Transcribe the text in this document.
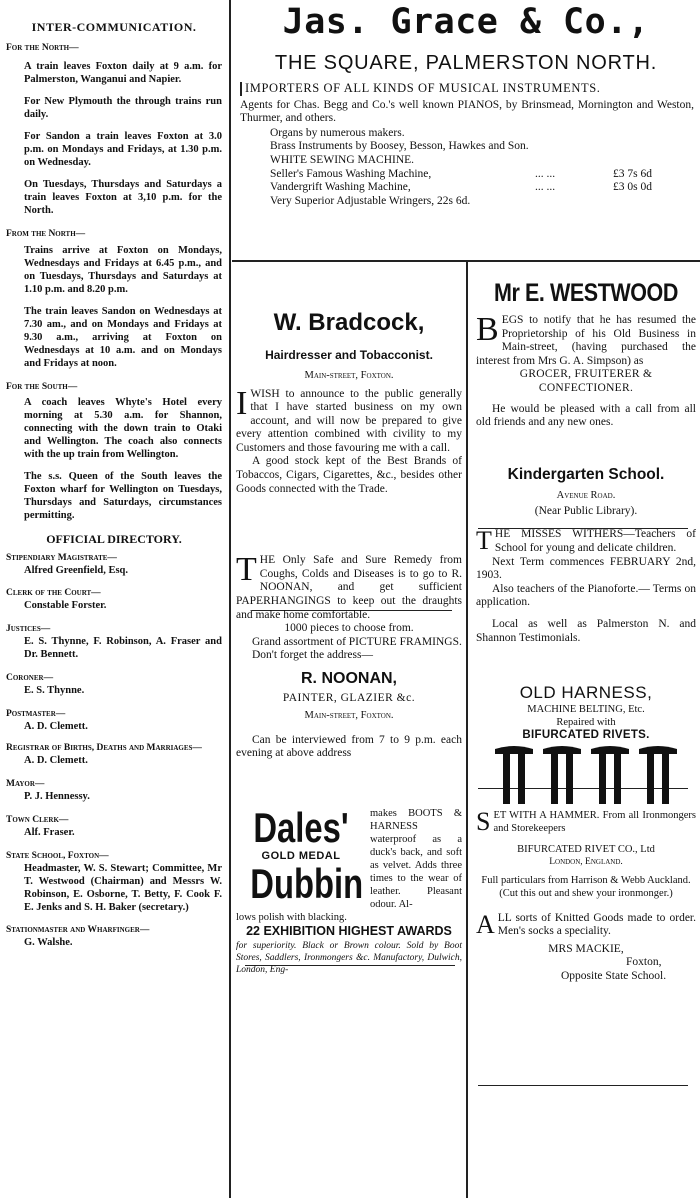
INTER-COMMUNICATION.

For the North—

A train leaves Foxton daily at 9 a.m. for Palmerston, Wanganui and Napier.

For New Plymouth the through trains run daily.

For Sandon a train leaves Foxton at 3.0 p.m. on Mondays and Fridays, at 1.30 p.m. on Wednesday.

On Tuesdays, Thursdays and Saturdays a train leaves Foxton at 3,10 p.m. for the North.

From the North—

Trains arrive at Foxton on Mondays, Wednesdays and Fridays at 6.45 p.m., and on Tuesdays, Thursdays and Saturdays at 1.10 p.m. and 8.20 p.m.

The train leaves Sandon on Wednesdays at 7.30 am., and on Mondays and Fridays at 9.30 a.m., arriving at Foxton on Wednesdays at 10 a.m. and on Mondays and Fridays at noon.

For the South—

A coach leaves Whyte's Hotel every morning at 5.30 a.m. for Shannon, connecting with the down train to Otaki and Wellington. The coach also connects with the up train from Wellington.

The s.s. Queen of the South leaves the Foxton wharf for Wellington on Tuesdays, Thursdays and Saturdays, circumstances permitting.

OFFICIAL DIRECTORY.

Stipendiary Magistrate—

Alfred Greenfield, Esq.

Clerk of the Court—

Constable Forster.

Justices—

E. S. Thynne, F. Robinson, A. Fraser and Dr. Bennett.

Coroner—

E. S. Thynne.

Postmaster—

A. D. Clemett.

Registrar of Births, Deaths and Marriages—

A. D. Clemett.

Mayor—

P. J. Hennessy.

Town Clerk—

Alf. Fraser.

State School, Foxton—

Headmaster, W. S. Stewart; Committee, Mr T. Westwood (Chairman) and Messrs W. Robinson, E. Osborne, T. Betty, F. Cook F. E. Jenks and S. H. Baker (secretary.)

Stationmaster and Wharfinger—

G. Walshe.

Jas. Grace & Co.,

THE SQUARE, PALMERSTON NORTH.

IMPORTERS OF ALL KINDS OF MUSICAL INSTRUMENTS.

Agents for Chas. Begg and Co.'s well known PIANOS, by Brinsmead, Mornington and Weston, Thurmer, and others.

Organs by numerous makers.

Brass Instruments by Boosey, Besson, Hawkes and Son.

WHITE SEWING MACHINE.

Seller's Famous Washing Machine,	... ...	£3 7s 6d
Vandergrift Washing Machine,	... ...	£3 0s 0d

Very Superior Adjustable Wringers, 22s 6d.

W. Bradcock,

Hairdresser and Tobacconist.

Main-street, Foxton.

IWISH to announce to the public generally that I have started business on my own account, and will now be prepared to give every attention combined with civility to my Customers and those favouring me with a call.

A good stock kept of the Best Brands of Tobaccos, Cigars, Cigarettes, &c., besides other Goods connected with the Trade.

THE Only Safe and Sure Remedy from Coughs, Colds and Diseases is to go to R. NOONAN, and get sufficient PAPERHANGINGS to keep out the draughts and make home comfortable.

1000 pieces to choose from.

Grand assortment of PICTURE FRAMINGS.

Don't forget the address—

R. NOONAN,

PAINTER, GLAZIER &c.

Main-street, Foxton.

Can be interviewed from 7 to 9 p.m. each evening at above address

Dales'

GOLD MEDAL

Dubbin

makes BOOTS & HARNESS waterproof as a duck's back, and soft as velvet. Adds three times to the wear of leather. Pleasant odour. Al-

lows polish with blacking.

22 EXHIBITION HIGHEST AWARDS

for superiority. Black or Brown colour. Sold by Boot Stores, Saddlers, Ironmongers &c. Manufactory, Dulwich, London, Eng-

Mr E. WESTWOOD

BEGS to notify that he has resumed the Proprietorship of his Old Business in Main-street, (having purchased the interest from Mrs G. A. Simpson) as

GROCER, FRUITERER & CONFECTIONER.

He would be pleased with a call from all old friends and any new ones.

Kindergarten School.

Avenue Road.

(Near Public Library).

THE MISSES WITHERS—Teachers of School for young and delicate children.

Next Term commences FEBRUARY 2nd, 1903.

Also teachers of the Pianoforte.— Terms on application.

Local as well as Palmerston N. and Shannon Testimonials.

OLD HARNESS,

MACHINE BELTING, Etc.

Repaired with

BIFURCATED RIVETS.

SET WITH A HAMMER. From all Ironmongers and Storekeepers

BIFURCATED RIVET CO., Ltd

London, England.

Full particulars from Harrison & Webb Auckland.

(Cut this out and shew your ironmonger.)

ALL sorts of Knitted Goods made to order. Men's socks a speciality.

MRS MACKIE,

Foxton,

Opposite State School.
